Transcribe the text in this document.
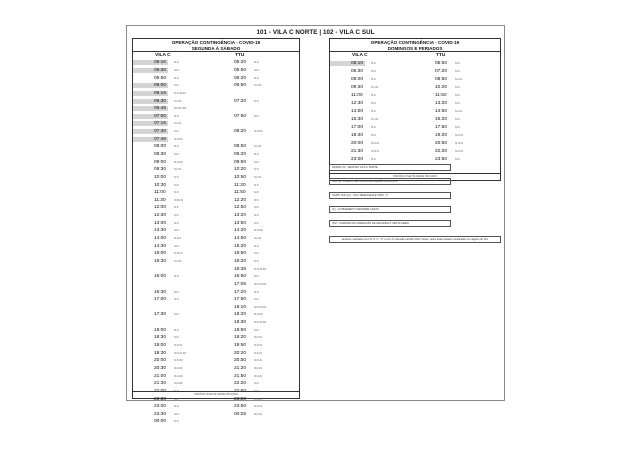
101 - VILA C NORTE | 102 - VILA C SUL
OPERAÇÃO CONTINGÊNCIA - COVID-19
SEGUNDA À SÁBADO
VILA C
05:10	N-S
05:30	S-N
05:50	N-S
06:00	S-N
06:15	N-S-SV-IC
06:30	S-C-N
06:45	S-N-IC-SV
07:00	N-S
07:15	S-C-N
07:30	S-N
07:45	N-S-SV
08:00	N-S
08:30	S-N
09:00	N-S-SV
09:30	S-C-N
10:00	N-S
10:30	S-N
11:00	N-S
11:30	S-SV-N
12:00	N-S
12:30	S-N
13:00	N-S
13:30	S-N
14:00	N-S-C
14:30	S-N
15:00	N-SV-S
15:30	S-C-N
16:00	N-S
16:30	S-N
17:00	N-S
17:30	S-N
18:00	N-S
18:30	S-N
19:00	IC-S-N
19:30	IC-S-N-SV
20:00	N-S-SV
20:30	S-N-SV
21:00	N-S-SV
21:30	S-N-SV
22:00	N-S
22:30	S-N
23:00	N-S
23:30	S-N
00:00	N-S
TTU
05:20	N-S
05:50	S-N
06:20	N-S
06:50	S-C-N
07:20	N-S
07:50	S-N
08:20	N-S-SV
08:50	S-C-N
09:20	N-S
09:50	S-N
10:20	N-S
10:50	S-C-N
11:20	N-S
11:50	S-N
12:20	N-S
12:50	S-N
13:20	N-S
13:50	S-N
14:20	N-S-SV
14:50	S-C-N
15:20	N-S
15:50	S-N
16:20	N-S
16:35	IC-S-N-SV
16:50	S-N
17:05	IC-N-S-SV
17:20	N-S
17:50	S-N
18:10	IC-N-S-SV
18:20	N-S-SV
18:30	IC-N-S-SV
18:50	S-N
19:20	IC-N-S
19:50	IC-S-N
20:20	IC-N-S
20:50	IC-S-N
21:20	IC-N-S
21:50	IC-S-N
22:20	S-N
22:50	S-N
23:20	IC-N-S
23:50	IC-S-N
00:25	IC-N-S
HORÁRIO VIGENTE DESDE 05/01/2020
OPERAÇÃO CONTINGÊNCIA - COVID-19
DOMINGOS E FERIADOS
VILA C
05:10	N-S
06:30	S-N
08:00	N-S
09:30	S-C-N
11:00	N-S
12:30	S-N
14:00	N-S
15:30	S-C-N
17:00	N-S
18:30	S-N
20:00	IC-N-S
21:30	IC-S-N
23:00	N-S
TTU
05:50	S-N
07:20	N-S
08:50	S-C-N
10:20	N-S
11:50	S-N
13:20	N-S
14:50	S-C-N
16:20	N-S
17:50	S-N
19:20	IC-N-S
20:50	IC-S-N
22:20	IC-N-S
23:50	S-N
HORÁRIO VIGENTE DESDE 05/01/2020
NORTE (N) - SENTIDO VILA C NORTE
SUL (S) - DIRETO NÃO PASSA NA REGIÃO DA PONTE
ITAIPU SUL (IC) - VILA TERESINHA E TRAV. "J"
(C) - LOTEAMENTO GRANDES LAGOS
(SV) - HORÁRIO DA OPERAÇÃO DE SEGUNDA À SEXTA-FEIRA
Horários marcados com N, S, C, "C" e com N. Atenção sentido Vila C Norte, pelos quais passem sinalizados os viagens do Sul.
